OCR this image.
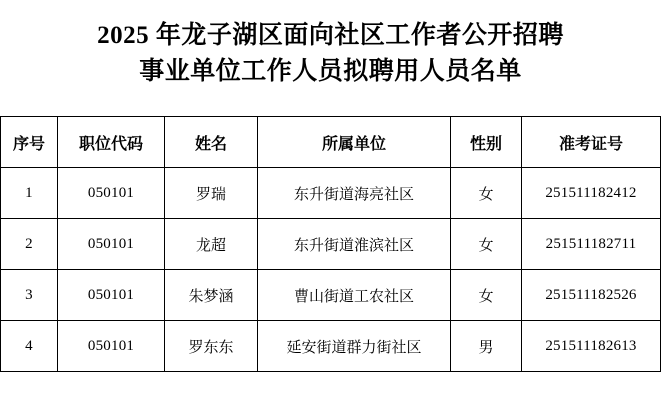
2025 年龙子湖区面向社区工作者公开招聘
事业单位工作人员拟聘用人员名单
序号	职位代码	姓名	所属单位	性别	准考证号
1	050101	罗瑞	东升街道海亮社区	女	251511182412
2	050101	龙超	东升街道淮滨社区	女	251511182711
3	050101	朱梦涵	曹山街道工农社区	女	251511182526
4	050101	罗东东	延安街道群力街社区	男	251511182613
